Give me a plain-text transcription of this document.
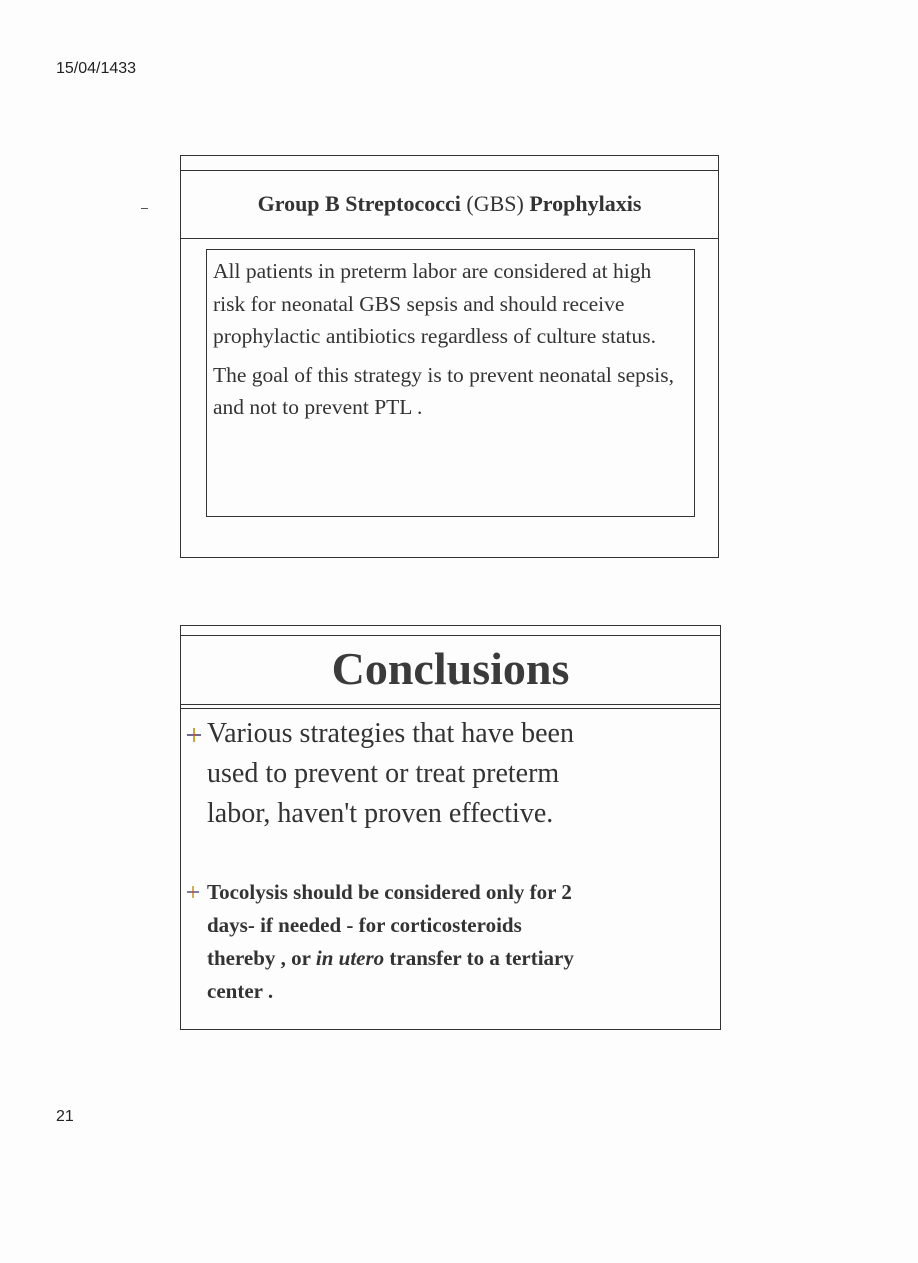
15/04/1433
Group B Streptococci (GBS) Prophylaxis

All patients in preterm labor are considered at high risk for neonatal GBS sepsis and should receive prophylactic antibiotics regardless of culture status.

The goal of this strategy is to prevent neonatal sepsis, and not to prevent PTL .

Conclusions
Various strategies that have been
used to prevent or treat preterm
labor, haven't proven effective.
Tocolysis should be considered only for 2
days- if needed - for corticosteroids
thereby , or in utero transfer to a tertiary
center .
21
